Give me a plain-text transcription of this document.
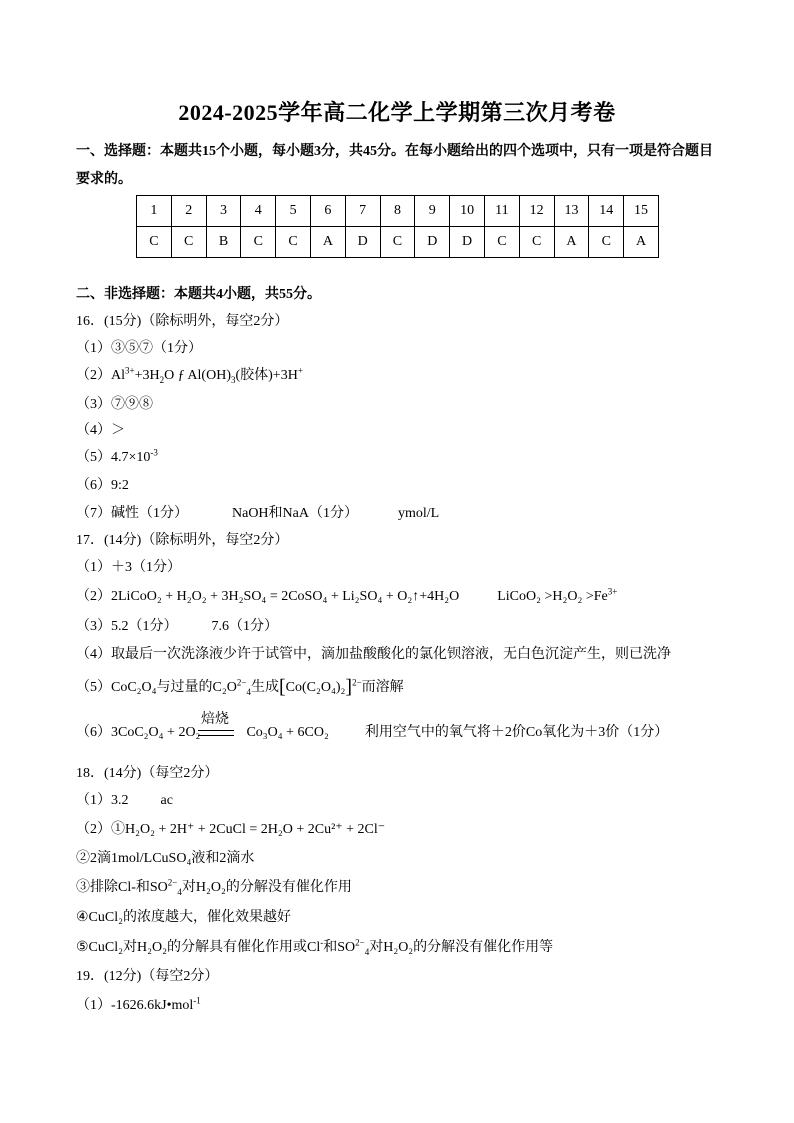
2024-2025学年高二化学上学期第三次月考卷
一、选择题：本题共15个小题，每小题3分，共45分。在每小题给出的四个选项中，只有一项是符合题目要求的。
1	2	3	4	5	6	7	8	9	10	11	12	13	14	15
C	C	B	C	C	A	D	C	D	D	C	C	A	C	A
二、非选择题：本题共4小题，共55分。
16．(15分)（除标明外，每空2分）
（1）③⑤⑦（1分）
$(2)Al^{3+}+3H_2O$ ƒ $Al(OH)_3$(胶体)+3H+
（3）⑦⑨⑧
（4）＞
$(5)4.7\times 10^{-3}$
（6）9:2
（7）碱性（1分）	NaOH和NaA（1分）	ymol/L
17．(14分)（除标明外，每空2分）
（1）＋3（1分）
（2）2LiCoO₂ + H₂O₂ + 3H₂SO₄ = 2CoSO₄ + Li₂SO₄ + O₂↑+4H₂O	LiCoO₂ $>H_2O_2 >Fe^{3+}$
（3）5.2（1分） 7.6（1分）
（4）取最后一次洗涤液少许于试管中，滴加盐酸酸化的氯化钡溶液，无白色沉淀产生，则已洗净
（5）CoC₂O₄与过量的$C_2O^{2-}_4$生成$[Co(C_2O_4)_2]^{2-}$而溶解
焙烧
（6）3CoC₂O₄ + 2O₂	Co₃O₄ + 6CO₂	利用空气中的氧气将＋2价Co氧化为＋3价（1分）
18．(14分)（每空2分）
（1）3.2 ac
（2）①H₂O₂ + 2H⁺ + 2CuCl = 2H₂O + 2Cu²⁺ + 2Cl⁻
②2滴1mol/LCuSO₄液和2滴水
③排除Cl-和$SO^{2-}_4$对H₂O₂的分解没有催化作用
④CuCl₂的浓度越大，催化效果越好
⑤CuCl₂对H₂O₂的分解具有催化作用或Cl-和$SO^{2-}_4$对H₂O₂的分解没有催化作用等
19．(12分)（每空2分）
（1）-1626.6kJ•mol$^{-1}$
